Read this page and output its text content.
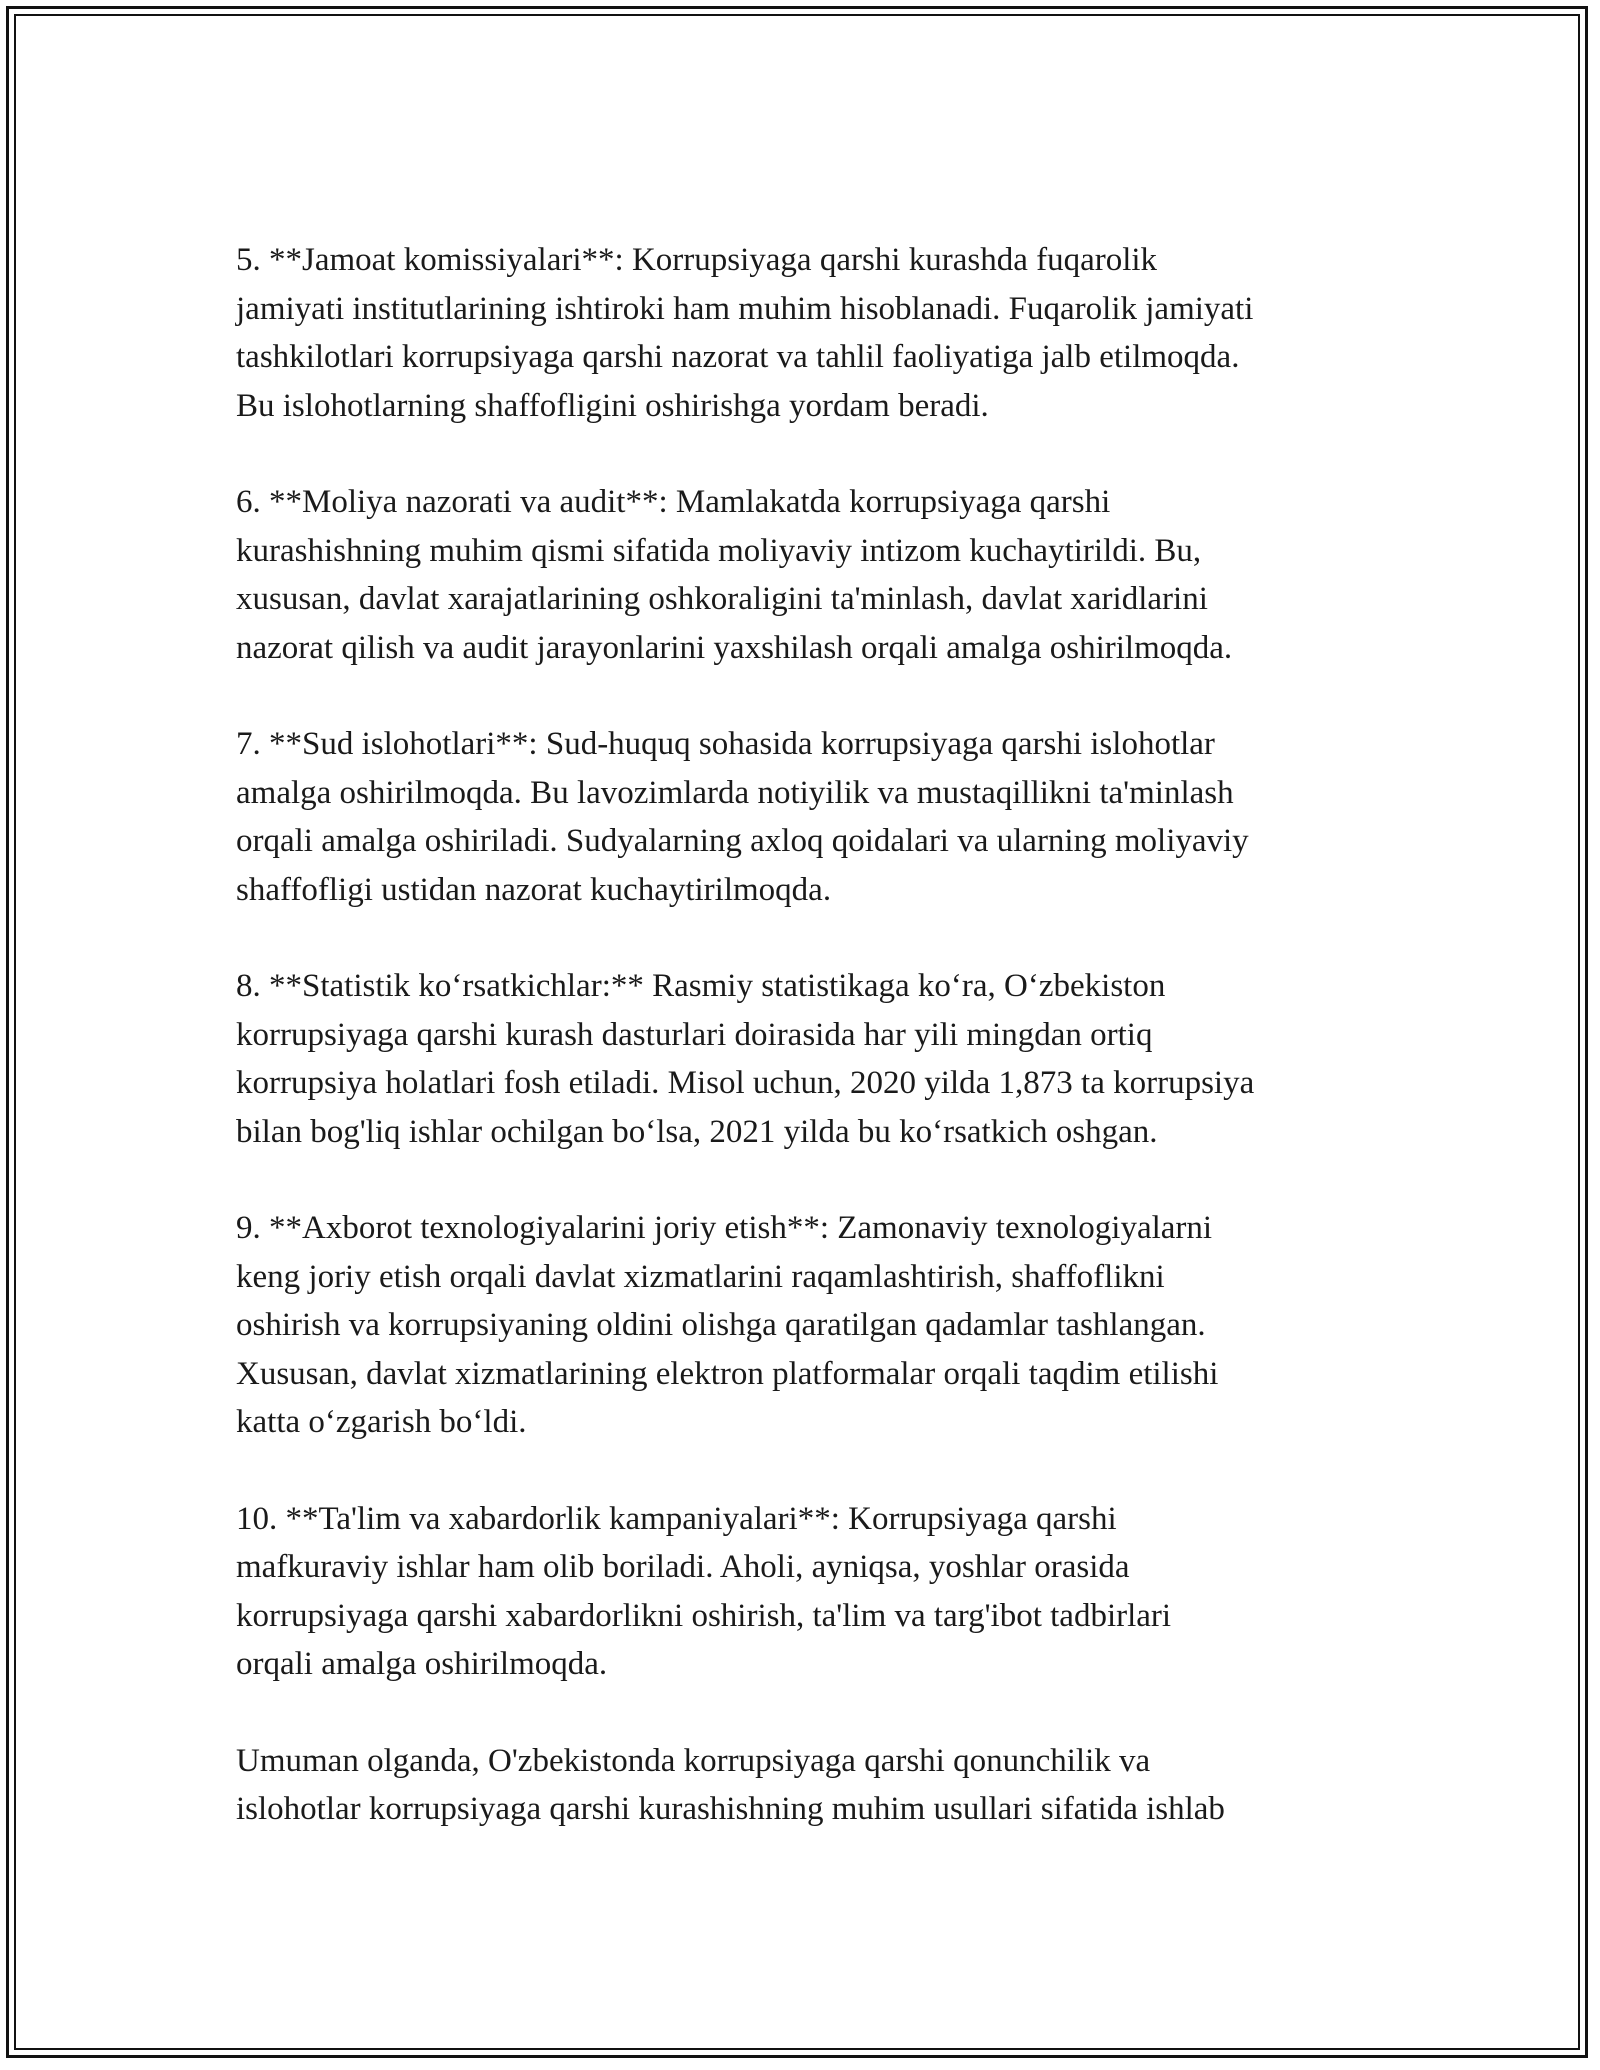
5. **Jamoat komissiyalari**: Korrupsiyaga qarshi kurashda fuqarolik
jamiyati institutlarining ishtiroki ham muhim hisoblanadi. Fuqarolik jamiyati
tashkilotlari korrupsiyaga qarshi nazorat va tahlil faoliyatiga jalb etilmoqda.
Bu islohotlarning shaffofligini oshirishga yordam beradi.

6. **Moliya nazorati va audit**: Mamlakatda korrupsiyaga qarshi
kurashishning muhim qismi sifatida moliyaviy intizom kuchaytirildi. Bu,
xususan, davlat xarajatlarining oshkoraligini ta'minlash, davlat xaridlarini
nazorat qilish va audit jarayonlarini yaxshilash orqali amalga oshirilmoqda.

7. **Sud islohotlari**: Sud-huquq sohasida korrupsiyaga qarshi islohotlar
amalga oshirilmoqda. Bu lavozimlarda notiyilik va mustaqillikni ta'minlash
orqali amalga oshiriladi. Sudyalarning axloq qoidalari va ularning moliyaviy
shaffofligi ustidan nazorat kuchaytirilmoqda.

8. **Statistik koʻrsatkichlar:** Rasmiy statistikaga koʻra, Oʻzbekiston
korrupsiyaga qarshi kurash dasturlari doirasida har yili mingdan ortiq
korrupsiya holatlari fosh etiladi. Misol uchun, 2020 yilda 1,873 ta korrupsiya
bilan bog'liq ishlar ochilgan boʻlsa, 2021 yilda bu koʻrsatkich oshgan.

9. **Axborot texnologiyalarini joriy etish**: Zamonaviy texnologiyalarni
keng joriy etish orqali davlat xizmatlarini raqamlashtirish, shaffoflikni
oshirish va korrupsiyaning oldini olishga qaratilgan qadamlar tashlangan.
Xususan, davlat xizmatlarining elektron platformalar orqali taqdim etilishi
katta oʻzgarish boʻldi.

10. **Ta'lim va xabardorlik kampaniyalari**: Korrupsiyaga qarshi
mafkuraviy ishlar ham olib boriladi. Aholi, ayniqsa, yoshlar orasida
korrupsiyaga qarshi xabardorlikni oshirish, ta'lim va targ'ibot tadbirlari
orqali amalga oshirilmoqda.

Umuman olganda, O'zbekistonda korrupsiyaga qarshi qonunchilik va
islohotlar korrupsiyaga qarshi kurashishning muhim usullari sifatida ishlab
